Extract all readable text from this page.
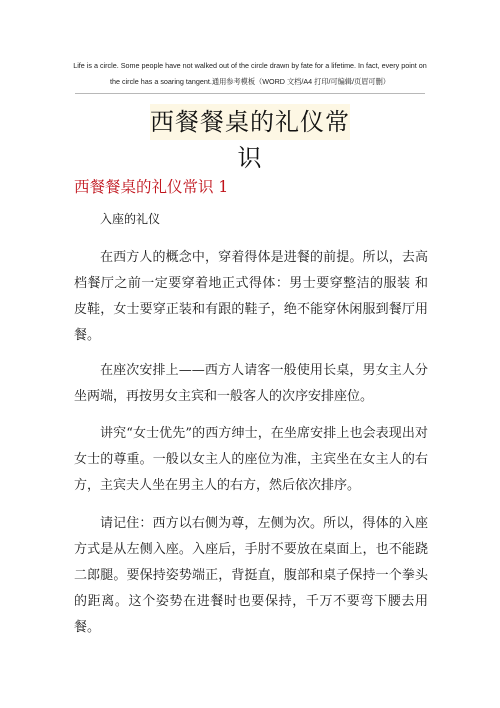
Life is a circle. Some people have not walked out of the circle drawn by fate for a lifetime. In fact, every point on
the circle has a soaring tangent.通用参考模板（WORD 文档/A4 打印/可编辑/页眉可删）
西餐餐桌的礼仪常识
西餐餐桌的礼仪常识 1
入座的礼仪
在西方人的概念中，穿着得体是进餐的前提。所以，去高档餐厅之前一定要穿着地正式得体：男士要穿整洁的服装 和皮鞋，女士要穿正装和有跟的鞋子，绝不能穿休闲服到餐厅用餐。
在座次安排上——西方人请客一般使用长桌，男女主人分坐两端，再按男女主宾和一般客人的次序安排座位。
讲究“女士优先”的西方绅士，在坐席安排上也会表现出对女士的尊重。一般以女主人的座位为准，主宾坐在女主人的右方，主宾夫人坐在男主人的右方，然后依次排序。
请记住：西方以右侧为尊，左侧为次。所以，得体的入座方式是从左侧入座。入座后，手肘不要放在桌面上，也不能跷二郎腿。要保持姿势端正，背挺直，腹部和桌子保持一个拳头的距离。这个姿势在进餐时也要保持，千万不要弯下腰去用餐。
